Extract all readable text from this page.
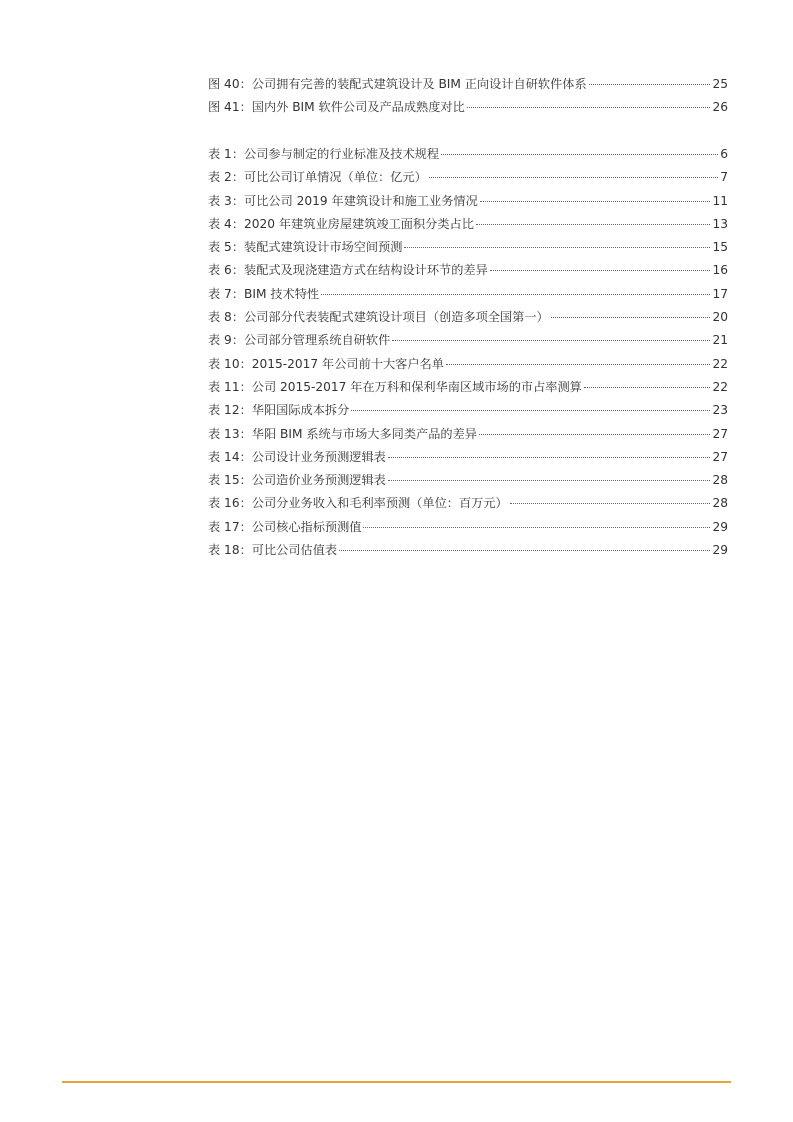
图 40：公司拥有完善的装配式建筑设计及 BIM 正向设计自研软件体系	25
图 41：国内外 BIM 软件公司及产品成熟度对比	26
表 1：公司参与制定的行业标准及技术规程	6
表 2：可比公司订单情况（单位：亿元）	7
表 3：可比公司 2019 年建筑设计和施工业务情况	11
表 4：2020 年建筑业房屋建筑竣工面积分类占比	13
表 5：装配式建筑设计市场空间预测	15
表 6：装配式及现浇建造方式在结构设计环节的差异	16
表 7：BIM 技术特性	17
表 8：公司部分代表装配式建筑设计项目（创造多项全国第一）	20
表 9：公司部分管理系统自研软件	21
表 10：2015-2017 年公司前十大客户名单	22
表 11：公司 2015-2017 年在万科和保利华南区域市场的市占率测算	22
表 12：华阳国际成本拆分	23
表 13：华阳 BIM 系统与市场大多同类产品的差异	27
表 14：公司设计业务预测逻辑表	27
表 15：公司造价业务预测逻辑表	28
表 16：公司分业务收入和毛利率预测（单位：百万元）	28
表 17：公司核心指标预测值	29
表 18：可比公司估值表	29
